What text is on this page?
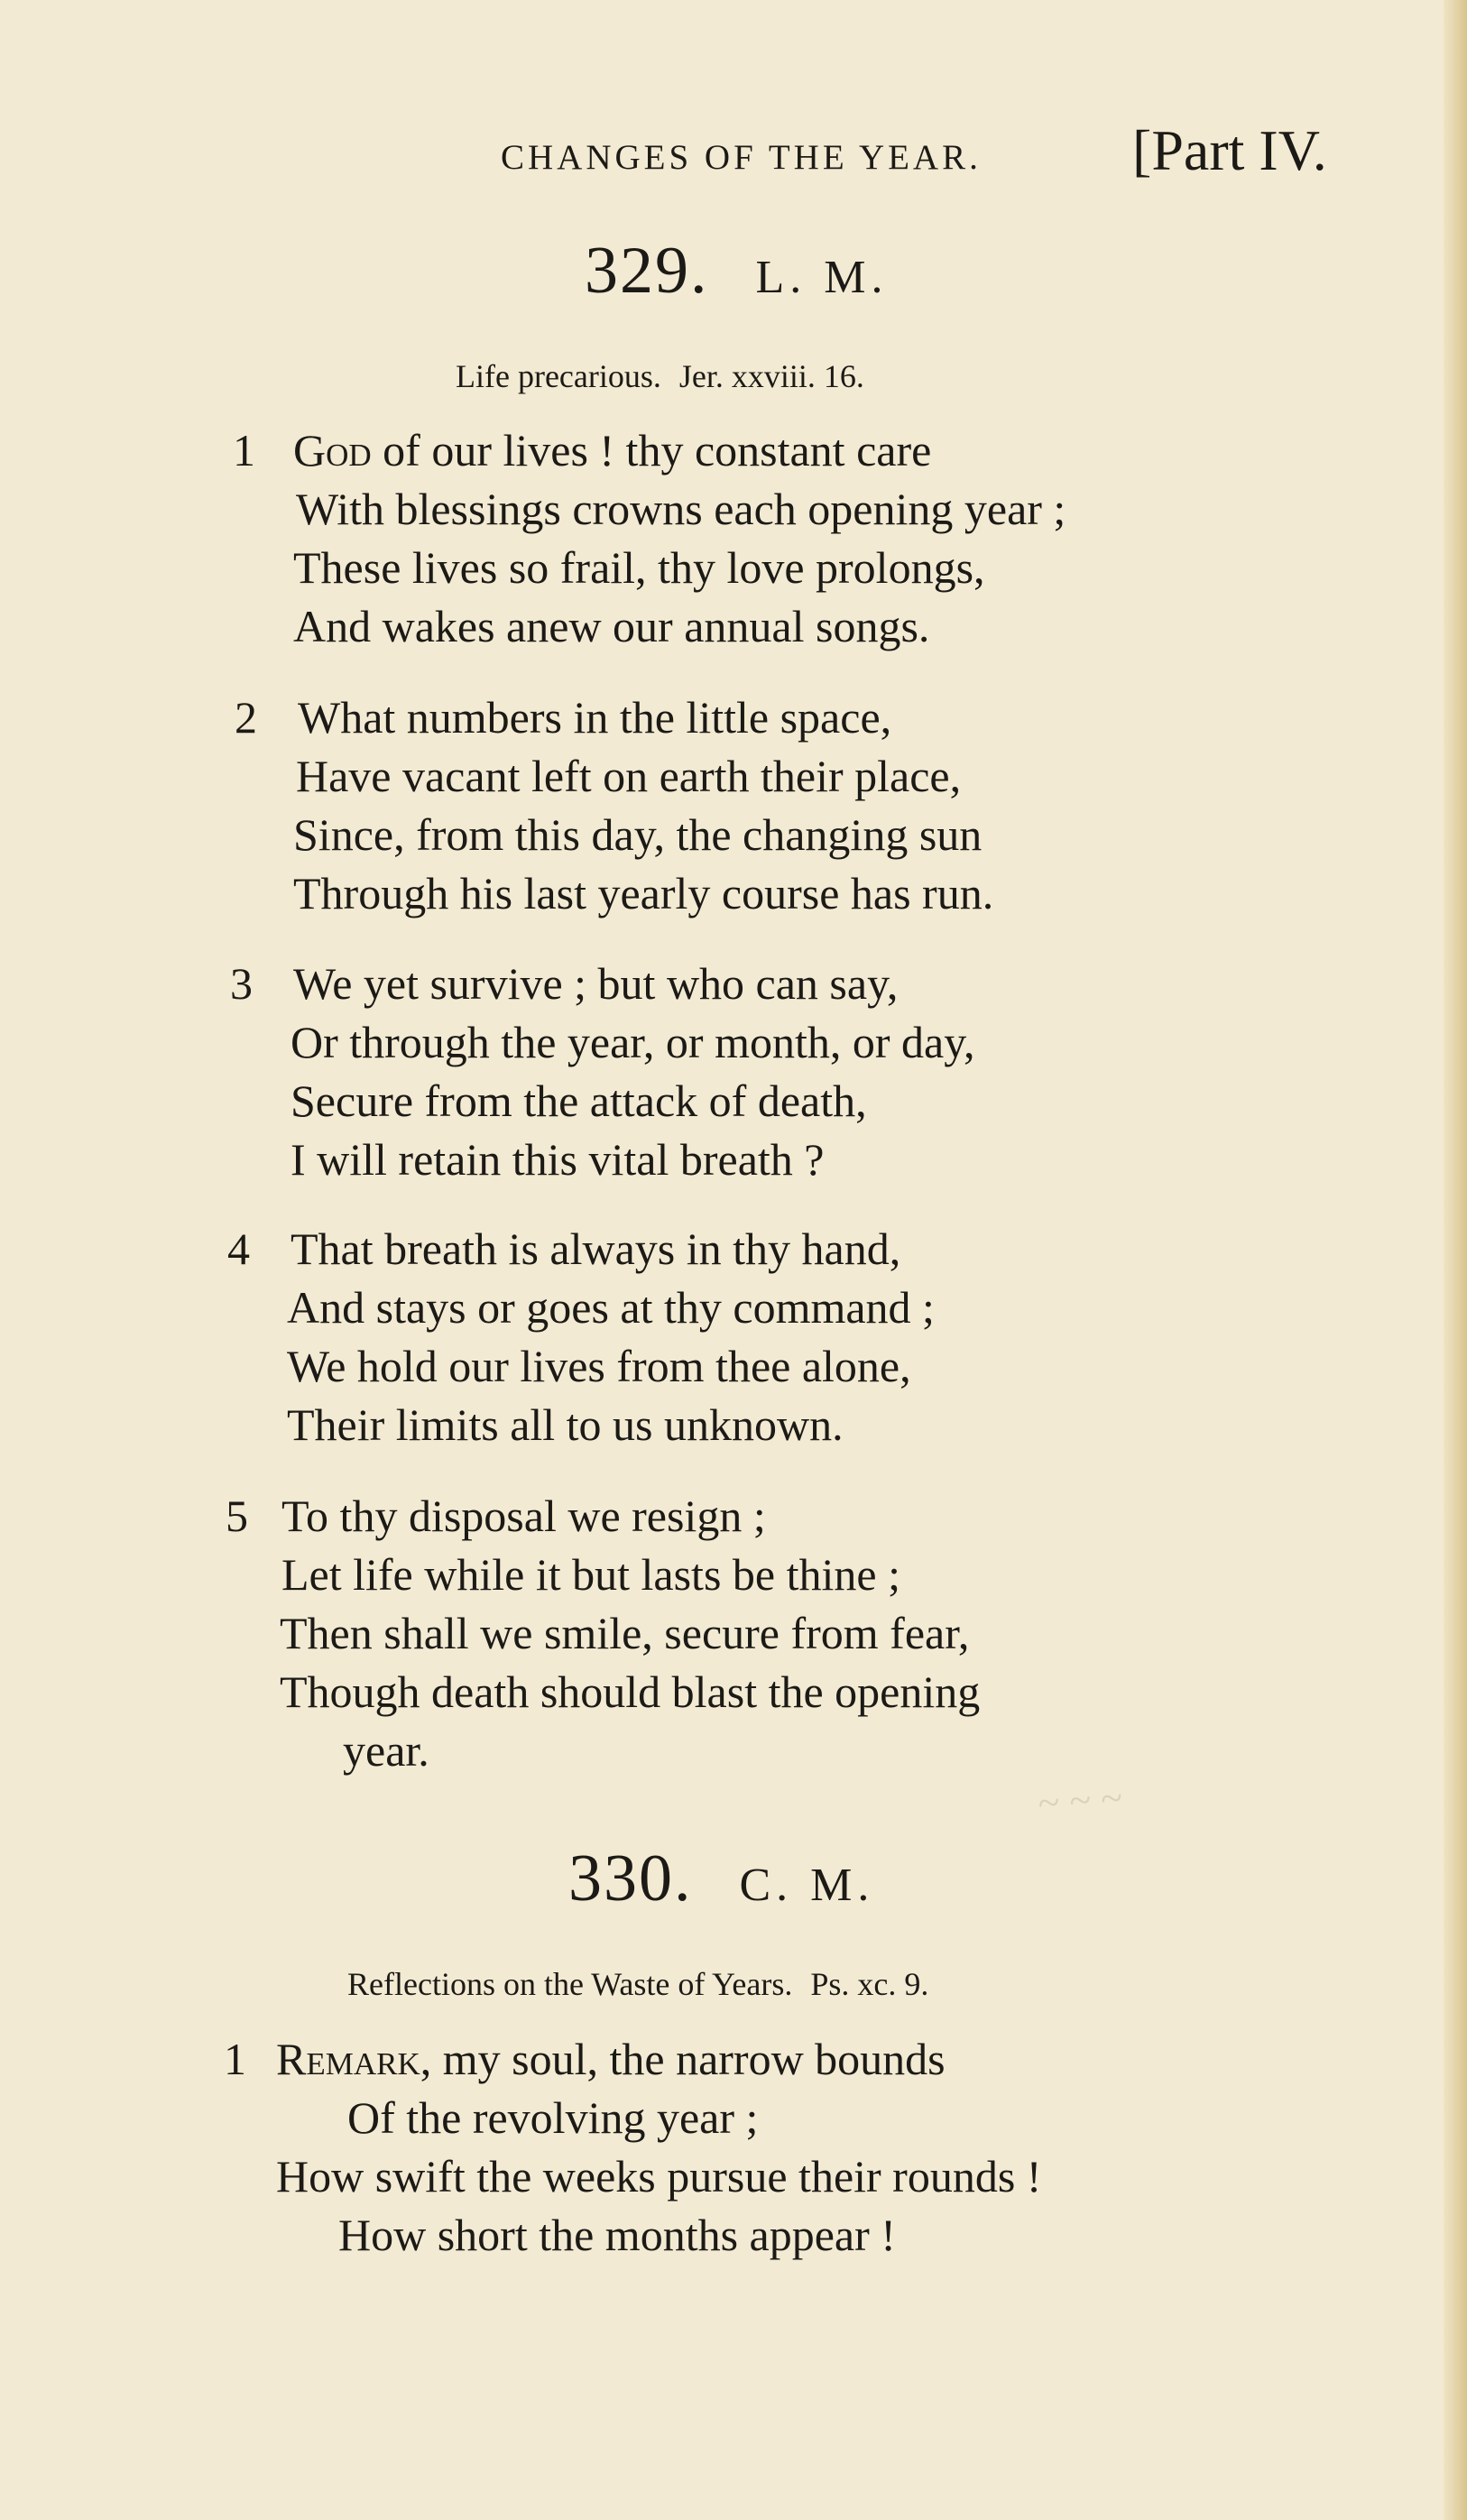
CHANGES OF THE YEAR.	[Part IV.
329. L. M.
Life precarious. Jer. xxviii. 16.
1 God of our lives ! thy constant care
With blessings crowns each opening year ;
These lives so frail, thy love prolongs,
And wakes anew our annual songs.
2 What numbers in the little space,
Have vacant left on earth their place,
Since, from this day, the changing sun
Through his last yearly course has run.
3 We yet survive ; but who can say,
Or through the year, or month, or day,
Secure from the attack of death,
I will retain this vital breath ?
4 That breath is always in thy hand,
And stays or goes at thy command ;
We hold our lives from thee alone,
Their limits all to us unknown.
5 To thy disposal we resign ;
Let life while it but lasts be thine ;
Then shall we smile, secure from fear,
Though death should blast the opening
year.
~ ~ ~
330. C. M.
Reflections on the Waste of Years. Ps. xc. 9.
1 Remark, my soul, the narrow bounds
Of the revolving year ;
How swift the weeks pursue their rounds !
How short the months appear !
